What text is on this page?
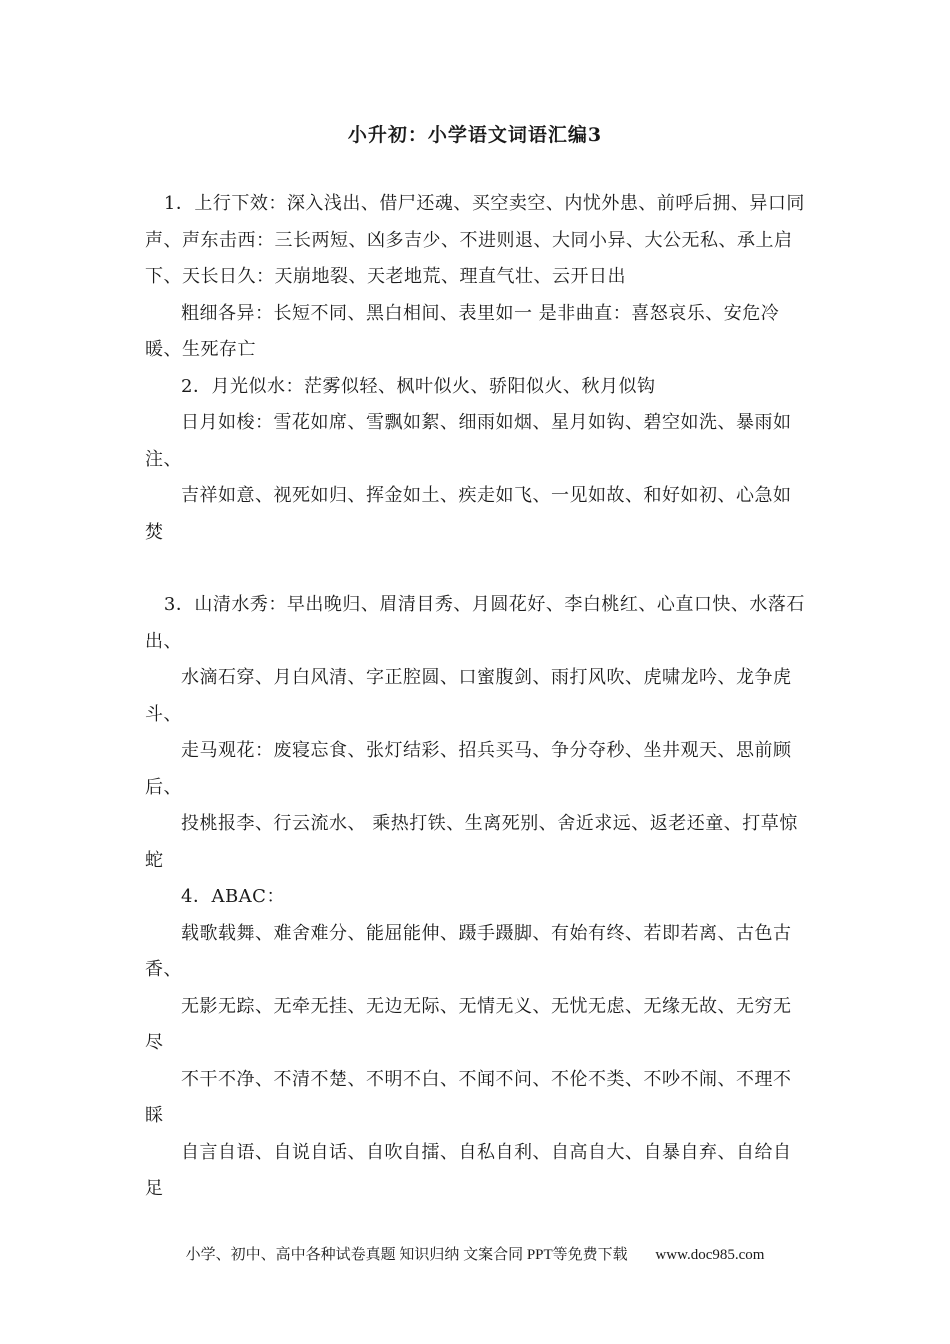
小升初：小学语文词语汇编3

1．上行下效：深入浅出、借尸还魂、买空卖空、内忧外患、前呼后拥、异口同声、声东击西：三长两短、凶多吉少、不进则退、大同小异、大公无私、承上启下、天长日久：天崩地裂、天老地荒、理直气壮、云开日出

粗细各异：长短不同、黑白相间、表里如一 是非曲直：喜怒哀乐、安危冷暖、生死存亡

2．月光似水：茫雾似轻、枫叶似火、骄阳似火、秋月似钩

日月如梭：雪花如席、雪飘如絮、细雨如烟、星月如钩、碧空如洗、暴雨如注、

吉祥如意、视死如归、挥金如土、疾走如飞、一见如故、和好如初、心急如焚

3．山清水秀：早出晚归、眉清目秀、月圆花好、李白桃红、心直口快、水落石出、

水滴石穿、月白风清、字正腔圆、口蜜腹剑、雨打风吹、虎啸龙吟、龙争虎斗、

走马观花：废寝忘食、张灯结彩、招兵买马、争分夺秒、坐井观天、思前顾后、

投桃报李、行云流水、 乘热打铁、生离死别、舍近求远、返老还童、打草惊蛇

4．ABAC：

载歌载舞、难舍难分、能屈能伸、蹑手蹑脚、有始有终、若即若离、古色古香、

无影无踪、无牵无挂、无边无际、无情无义、无忧无虑、无缘无故、无穷无尽

不干不净、不清不楚、不明不白、不闻不问、不伦不类、不吵不闹、不理不睬

自言自语、自说自话、自吹自擂、自私自利、自高自大、自暴自弃、自给自足

小学、初中、高中各种试卷真题 知识归纳 文案合同 PPT等免费下载 www.doc985.com
